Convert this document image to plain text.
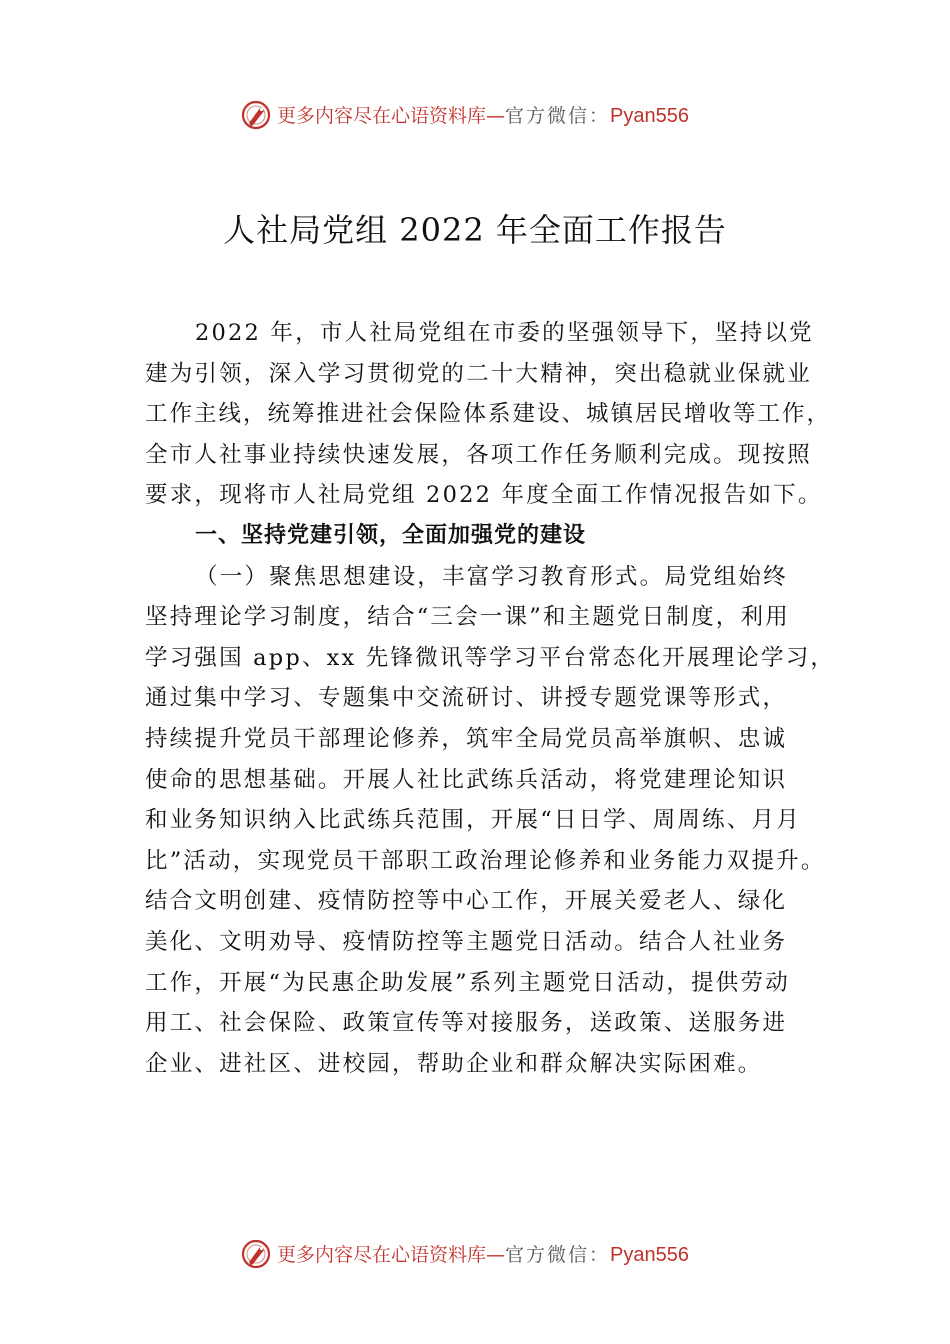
更多内容尽在心语资料库—官方微信：Pyan556
人社局党组 2022 年全面工作报告
2022 年，市人社局党组在市委的坚强领导下，坚持以党
建为引领，深入学习贯彻党的二十大精神，突出稳就业保就业
工作主线，统筹推进社会保险体系建设、城镇居民增收等工作，
全市人社事业持续快速发展，各项工作任务顺利完成。现按照
要求，现将市人社局党组 2022 年度全面工作情况报告如下。
一、坚持党建引领，全面加强党的建设
（一）聚焦思想建设，丰富学习教育形式。局党组始终
坚持理论学习制度，结合“三会一课”和主题党日制度，利用
学习强国 app、xx 先锋微讯等学习平台常态化开展理论学习，
通过集中学习、专题集中交流研讨、讲授专题党课等形式，
持续提升党员干部理论修养，筑牢全局党员高举旗帜、忠诚
使命的思想基础。开展人社比武练兵活动，将党建理论知识
和业务知识纳入比武练兵范围，开展“日日学、周周练、月月
比”活动，实现党员干部职工政治理论修养和业务能力双提升。
结合文明创建、疫情防控等中心工作，开展关爱老人、绿化
美化、文明劝导、疫情防控等主题党日活动。结合人社业务
工作，开展“为民惠企助发展”系列主题党日活动，提供劳动
用工、社会保险、政策宣传等对接服务，送政策、送服务进
企业、进社区、进校园，帮助企业和群众解决实际困难。
更多内容尽在心语资料库—官方微信：Pyan556
